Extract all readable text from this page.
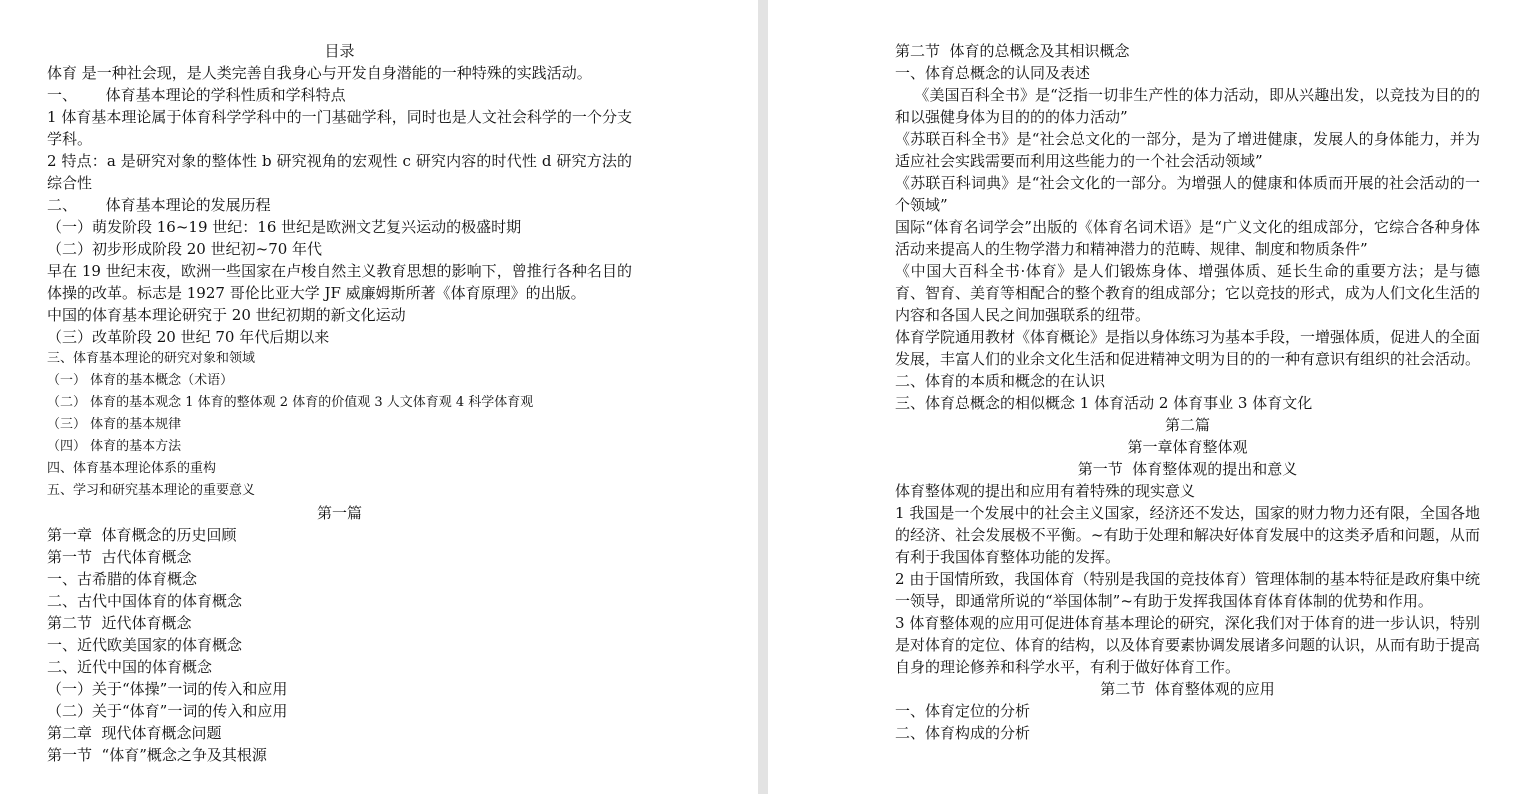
目录
体育 是一种社会现，是人类完善自我身心与开发自身潜能的一种特殊的实践活动。
一、      体育基本理论的学科性质和学科特点
1 体育基本理论属于体育科学学科中的一门基础学科，同时也是人文社会科学的一个分支学科。
2 特点：a 是研究对象的整体性 b 研究视角的宏观性 c 研究内容的时代性 d 研究方法的综合性
二、      体育基本理论的发展历程
（一）萌发阶段 16~19 世纪：16 世纪是欧洲文艺复兴运动的极盛时期
（二）初步形成阶段 20 世纪初~70 年代
早在 19 世纪末夜，欧洲一些国家在卢梭自然主义教育思想的影响下，曾推行各种名目的体操的改革。标志是 1927 哥伦比亚大学 JF 威廉姆斯所著《体育原理》的出版。
中国的体育基本理论研究于 20 世纪初期的新文化运动
（三）改革阶段 20 世纪 70 年代后期以来
三、体育基本理论的研究对象和领域
（一） 体育的基本概念（术语）
（二） 体育的基本观念 1 体育的整体观 2 体育的价值观 3 人文体育观 4 科学体育观
（三） 体育的基本规律
（四） 体育的基本方法
四、体育基本理论体系的重构
五、学习和研究基本理论的重要意义
第一篇
第一章  体育概念的历史回顾
第一节  古代体育概念
一、古希腊的体育概念
二、古代中国体育的体育概念
第二节  近代体育概念
一、近代欧美国家的体育概念
二、近代中国的体育概念
（一）关于“体操”一词的传入和应用
（二）关于“体育”一词的传入和应用
第二章  现代体育概念问题
第一节  “体育”概念之争及其根源
第二节  体育的总概念及其相识概念
一、体育总概念的认同及表述
《美国百科全书》是“泛指一切非生产性的体力活动，即从兴趣出发，以竞技为目的的和以强健身体为目的的的体力活动”
《苏联百科全书》是“社会总文化的一部分，是为了增进健康，发展人的身体能力，并为适应社会实践需要而利用这些能力的一个社会活动领域”
《苏联百科词典》是“社会文化的一部分。为增强人的健康和体质而开展的社会活动的一个领域”
国际“体育名词学会”出版的《体育名词术语》是“广义文化的组成部分，它综合各种身体活动来提高人的生物学潜力和精神潜力的范畴、规律、制度和物质条件”
《中国大百科全书·体育》是人们锻炼身体、增强体质、延长生命的重要方法；是与德育、智育、美育等相配合的整个教育的组成部分；它以竞技的形式，成为人们文化生活的内容和各国人民之间加强联系的纽带。
体育学院通用教材《体育概论》是指以身体练习为基本手段，一增强体质，促进人的全面发展，丰富人们的业余文化生活和促进精神文明为目的的一种有意识有组织的社会活动。
二、体育的本质和概念的在认识
三、体育总概念的相似概念 1 体育活动 2 体育事业 3 体育文化
第二篇
第一章体育整体观
第一节  体育整体观的提出和意义
体育整体观的提出和应用有着特殊的现实意义
1 我国是一个发展中的社会主义国家，经济还不发达，国家的财力物力还有限，全国各地的经济、社会发展极不平衡。~有助于处理和解决好体育发展中的这类矛盾和问题，从而有利于我国体育整体功能的发挥。
2 由于国情所致，我国体育（特别是我国的竞技体育）管理体制的基本特征是政府集中统一领导，即通常所说的“举国体制”~有助于发挥我国体育体育体制的优势和作用。
3 体育整体观的应用可促进体育基本理论的研究，深化我们对于体育的进一步认识，特别是对体育的定位、体育的结构，以及体育要素协调发展诸多问题的认识，从而有助于提高自身的理论修养和科学水平，有利于做好体育工作。
第二节  体育整体观的应用
一、体育定位的分析
二、体育构成的分析
